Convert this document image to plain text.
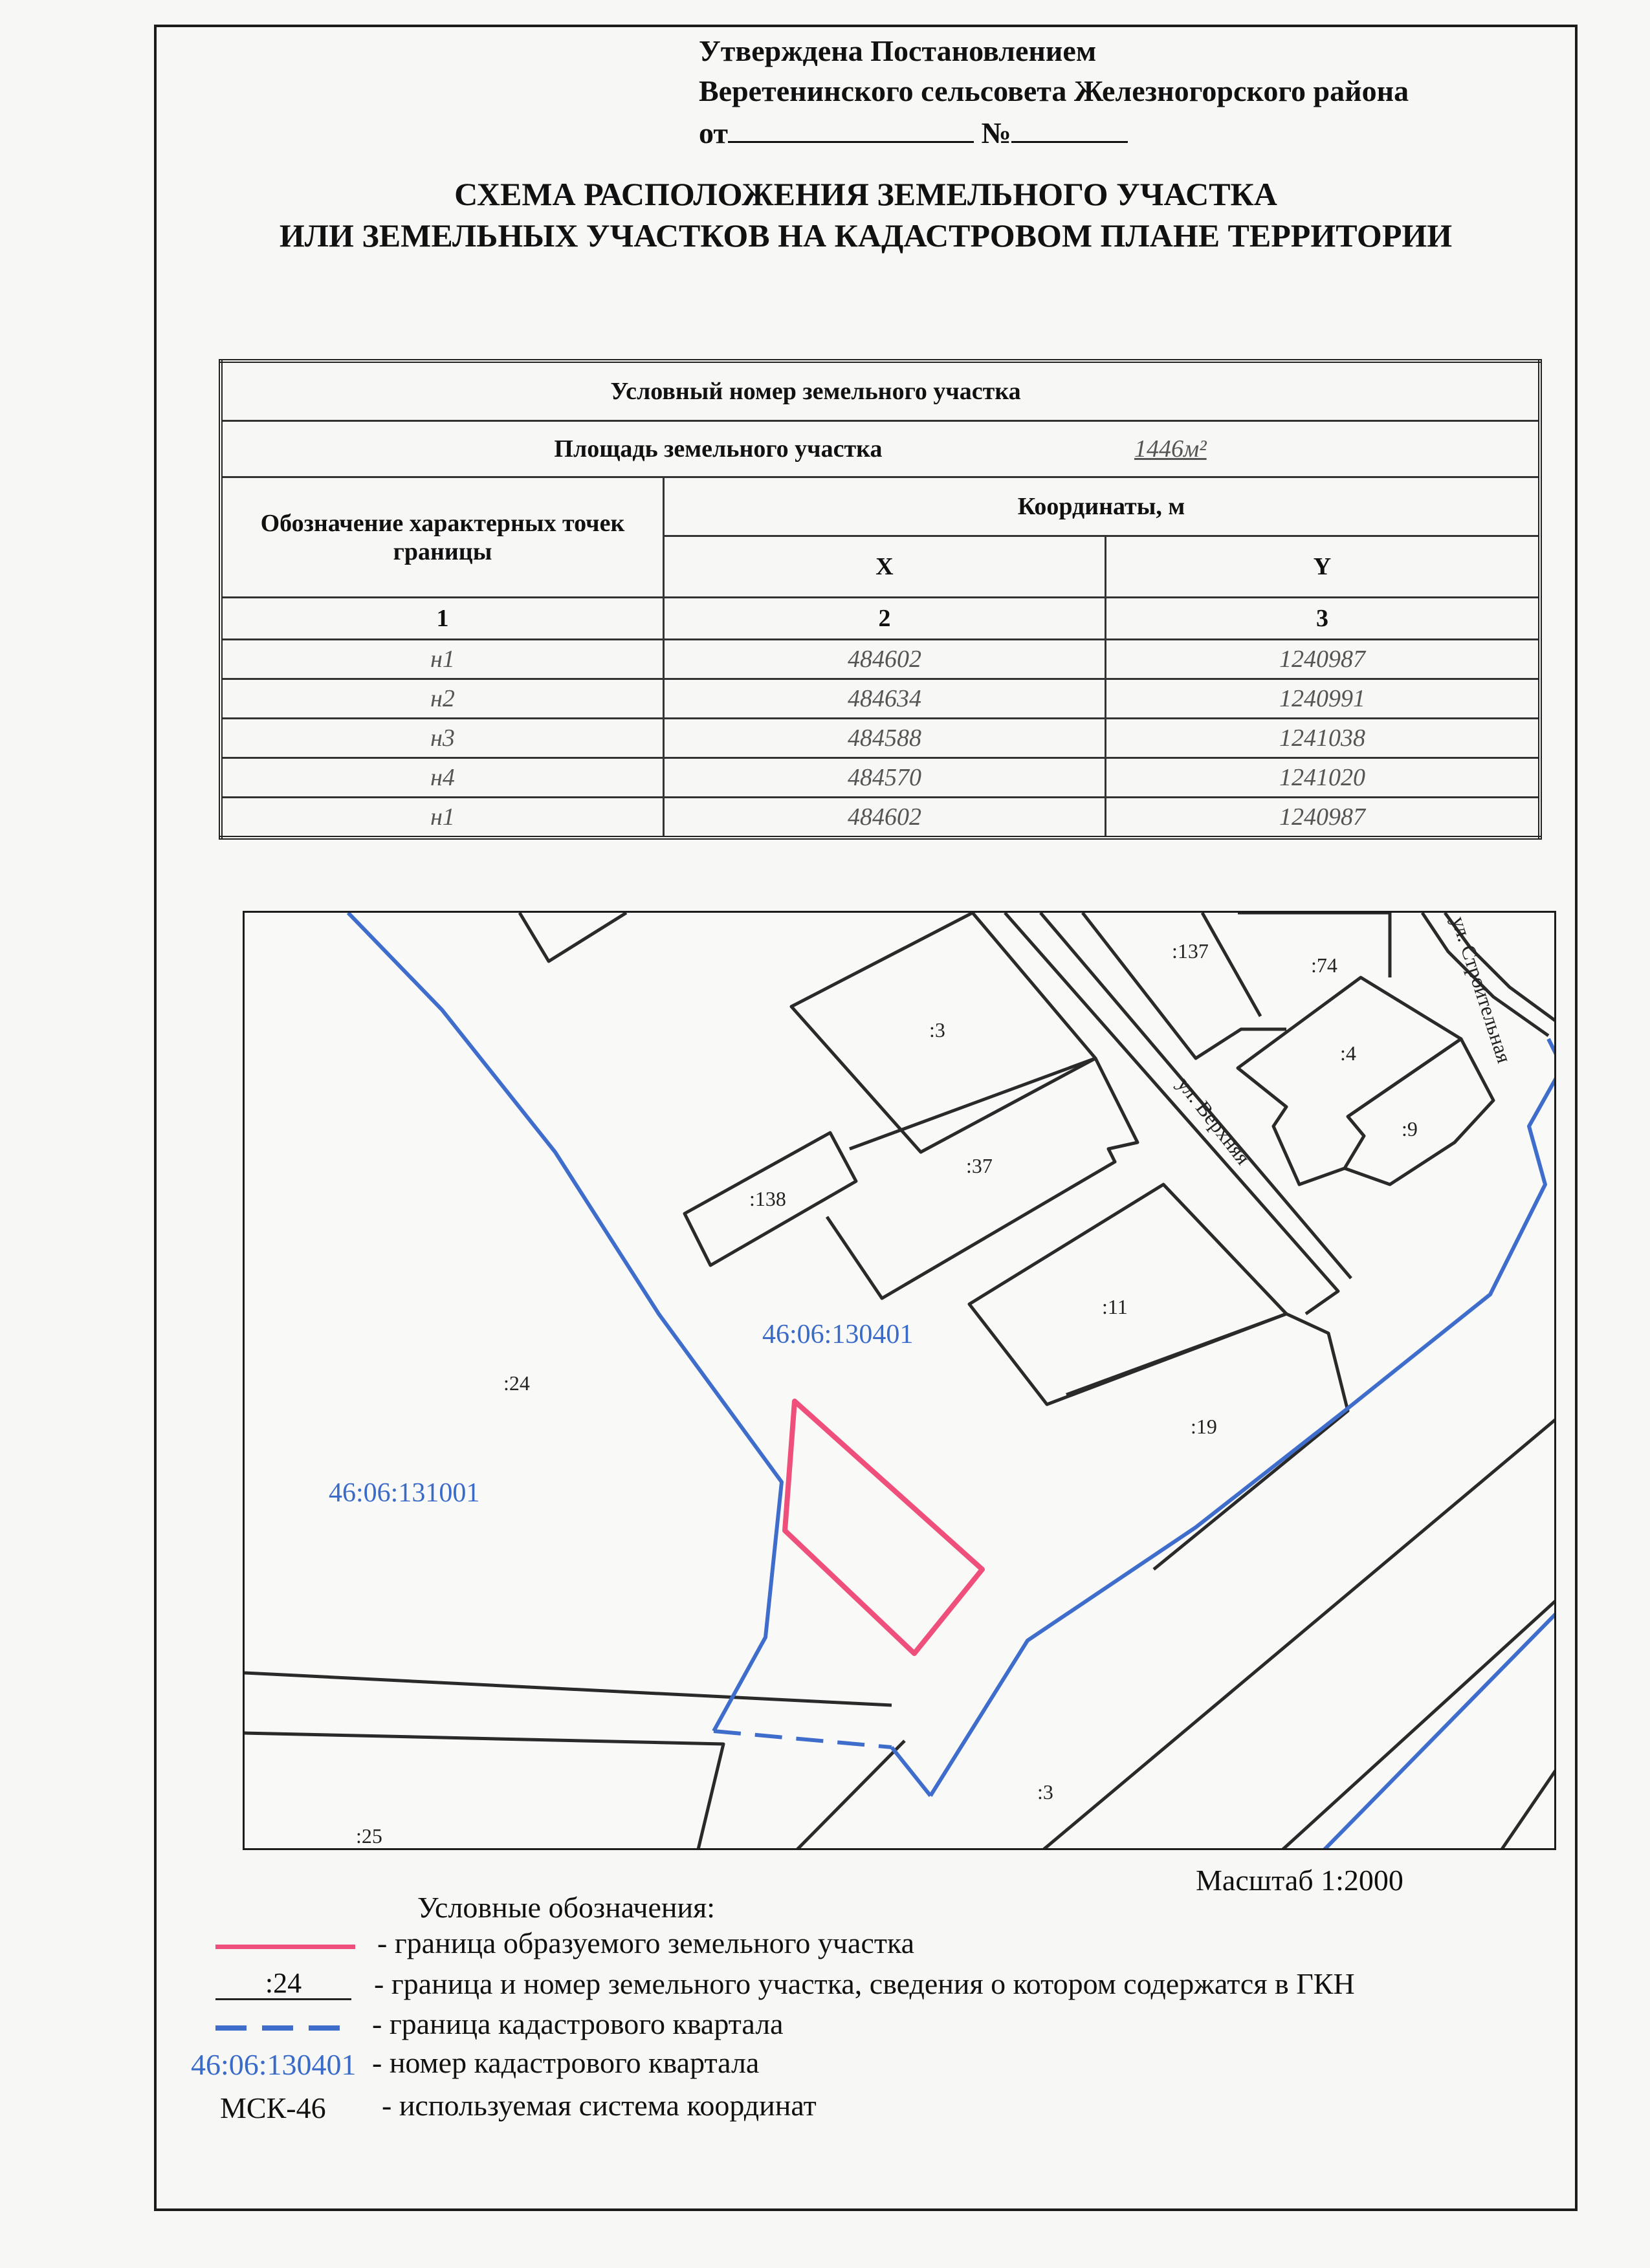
Утверждена Постановлением
Веретенинского сельсовета Железногорского района
от	№
СХЕМА РАСПОЛОЖЕНИЯ ЗЕМЕЛЬНОГО УЧАСТКА
ИЛИ ЗЕМЕЛЬНЫХ УЧАСТКОВ НА КАДАСТРОВОМ ПЛАНЕ ТЕРРИТОРИИ
Условный номер земельного участка		
Площадь земельного участка 1446м²		
Обозначение характерных точек границы	Координаты, м	
	X	Y
1	2	3
н1	484602	1240987
н2	484634	1240991
н3	484588	1241038
н4	484570	1241020
н1	484602	1240987
:3
:137
:74
:4
:9
:138
:37
:11
:19
:24
:3
:25
46:06:130401
46:06:131001
ул. Верхняя
ул. Строительная
Масштаб 1:2000
Условные обозначения:
- граница образуемого земельного участка
:24	- граница и номер земельного участка, сведения о котором содержатся в ГКН
- граница кадастрового квартала
46:06:130401 - номер кадастрового квартала
МСК-46 - используемая система координат
